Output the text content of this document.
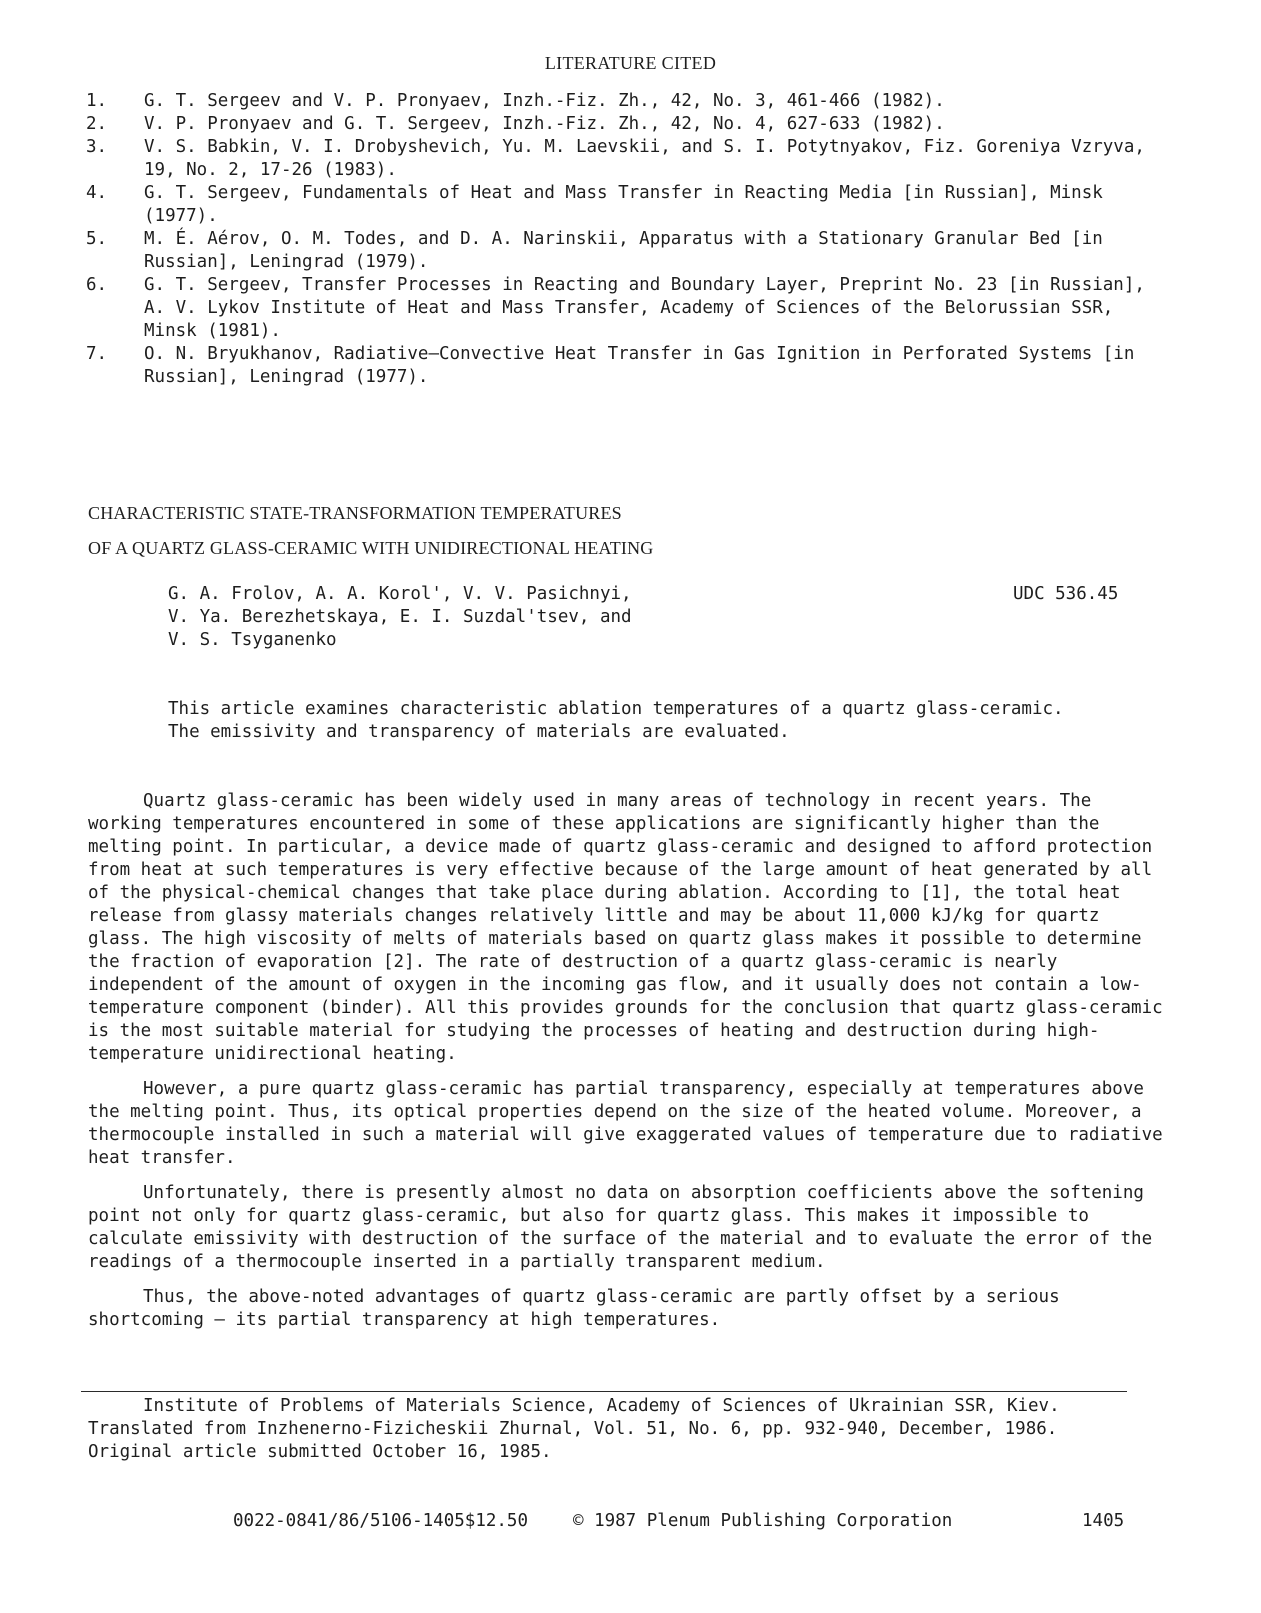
LITERATURE CITED
1.	G. T. Sergeev and V. P. Pronyaev, Inzh.-Fiz. Zh., 42, No. 3, 461-466 (1982).
2.	V. P. Pronyaev and G. T. Sergeev, Inzh.-Fiz. Zh., 42, No. 4, 627-633 (1982).
3.	V. S. Babkin, V. I. Drobyshevich, Yu. M. Laevskii, and S. I. Potytnyakov, Fiz. Goreniya Vzryva, 19, No. 2, 17-26 (1983).
4.	G. T. Sergeev, Fundamentals of Heat and Mass Transfer in Reacting Media [in Russian], Minsk (1977).
5.	M. É. Aérov, O. M. Todes, and D. A. Narinskii, Apparatus with a Stationary Granular Bed [in Russian], Leningrad (1979).
6.	G. T. Sergeev, Transfer Processes in Reacting and Boundary Layer, Preprint No. 23 [in Russian], A. V. Lykov Institute of Heat and Mass Transfer, Academy of Sciences of the Belorussian SSR, Minsk (1981).
7.	O. N. Bryukhanov, Radiative—Convective Heat Transfer in Gas Ignition in Perforated Systems [in Russian], Leningrad (1977).
CHARACTERISTIC STATE-TRANSFORMATION TEMPERATURES
OF A QUARTZ GLASS-CERAMIC WITH UNIDIRECTIONAL HEATING
G. A. Frolov, A. A. Korol', V. V. Pasichnyi,
V. Ya. Berezhetskaya, E. I. Suzdal'tsev, and
V. S. Tsyganenko
UDC 536.45

This article examines characteristic ablation temperatures of a quartz glass-ceramic. The emissivity and transparency of materials are evaluated.

Quartz glass-ceramic has been widely used in many areas of technology in recent years. The working temperatures encountered in some of these applications are significantly higher than the melting point. In particular, a device made of quartz glass-ceramic and designed to afford protection from heat at such temperatures is very effective because of the large amount of heat generated by all of the physical-chemical changes that take place during ablation. According to [1], the total heat release from glassy materials changes relatively little and may be about 11,000 kJ/kg for quartz glass. The high viscosity of melts of materials based on quartz glass makes it possible to determine the fraction of evaporation [2]. The rate of destruction of a quartz glass-ceramic is nearly independent of the amount of oxygen in the incoming gas flow, and it usually does not contain a low-temperature component (binder). All this provides grounds for the conclusion that quartz glass-ceramic is the most suitable material for studying the processes of heating and destruction during high-temperature unidirectional heating.

However, a pure quartz glass-ceramic has partial transparency, especially at temperatures above the melting point. Thus, its optical properties depend on the size of the heated volume. Moreover, a thermocouple installed in such a material will give exaggerated values of temperature due to radiative heat transfer.

Unfortunately, there is presently almost no data on absorption coefficients above the softening point not only for quartz glass-ceramic, but also for quartz glass. This makes it impossible to calculate emissivity with destruction of the surface of the material and to evaluate the error of the readings of a thermocouple inserted in a partially transparent medium.

Thus, the above-noted advantages of quartz glass-ceramic are partly offset by a serious shortcoming — its partial transparency at high temperatures.

Institute of Problems of Materials Science, Academy of Sciences of Ukrainian SSR, Kiev.

Translated from Inzhenerno-Fizicheskii Zhurnal, Vol. 51, No. 6, pp. 932-940, December, 1986.

Original article submitted October 16, 1985.

0022-0841/86/5106-1405$12.50	© 1987 Plenum Publishing Corporation	1405
